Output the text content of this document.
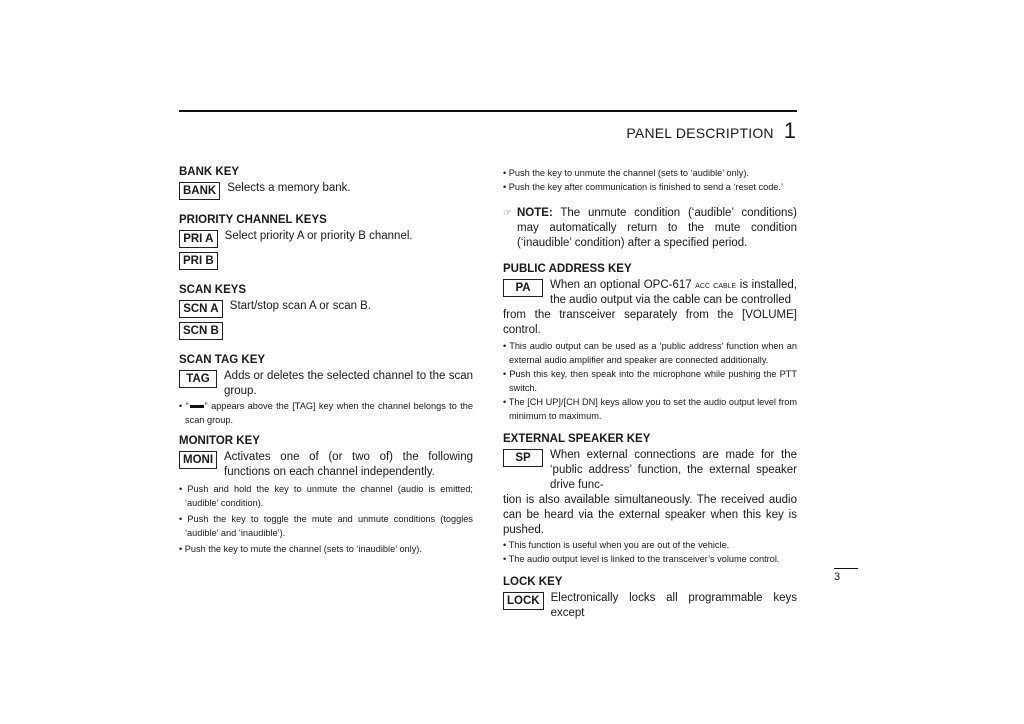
PANEL DESCRIPTION 1
BANK KEY
BANK Selects a memory bank.
PRIORITY CHANNEL KEYS
PRI A
PRI B
Select priority A or priority B channel.
SCAN KEYS
SCN A
SCN B
Start/stop scan A or scan B.
SCAN TAG KEY
TAG	Adds or deletes the selected channel to the scan group.
• “ ” appears above the [TAG] key when the channel belongs to the scan group.
MONITOR KEY
MONI Activates one of (or two of) the following functions on each channel independently.
• Push and hold the key to unmute the channel (audio is emitted; ‘audible’ condition).
• Push the key to toggle the mute and unmute conditions (toggles ‘audible’ and ‘inaudible’).
• Push the key to mute the channel (sets to ‘inaudible’ only).
• Push the key to unmute the channel (sets to ‘audible’ only).
• Push the key after communication is finished to send a ‘reset code.’
☞ NOTE: The unmute condition (‘audible’ conditions) may automatically return to the mute condition (‘inaudible’ condition) after a specified period.
PUBLIC ADDRESS KEY
PA	When an optional OPC-617 acc cable is installed, the audio output via the cable can be controlled
from the transceiver separately from the [VOLUME] control.
• This audio output can be used as a ‘public address’ function when an external audio amplifier and speaker are connected additionally.
• Push this key, then speak into the microphone while pushing the PTT switch.
• The [CH UP]/[CH DN] keys allow you to set the audio output level from minimum to maximum.
EXTERNAL SPEAKER KEY
SP	When external connections are made for the ‘public address’ function, the external speaker drive func-
tion is also available simultaneously. The received audio can be heard via the external speaker when this key is pushed.
• This function is useful when you are out of the vehicle.
• The audio output level is linked to the transceiver’s volume control.
LOCK KEY
LOCK Electronically locks all programmable keys except
3
